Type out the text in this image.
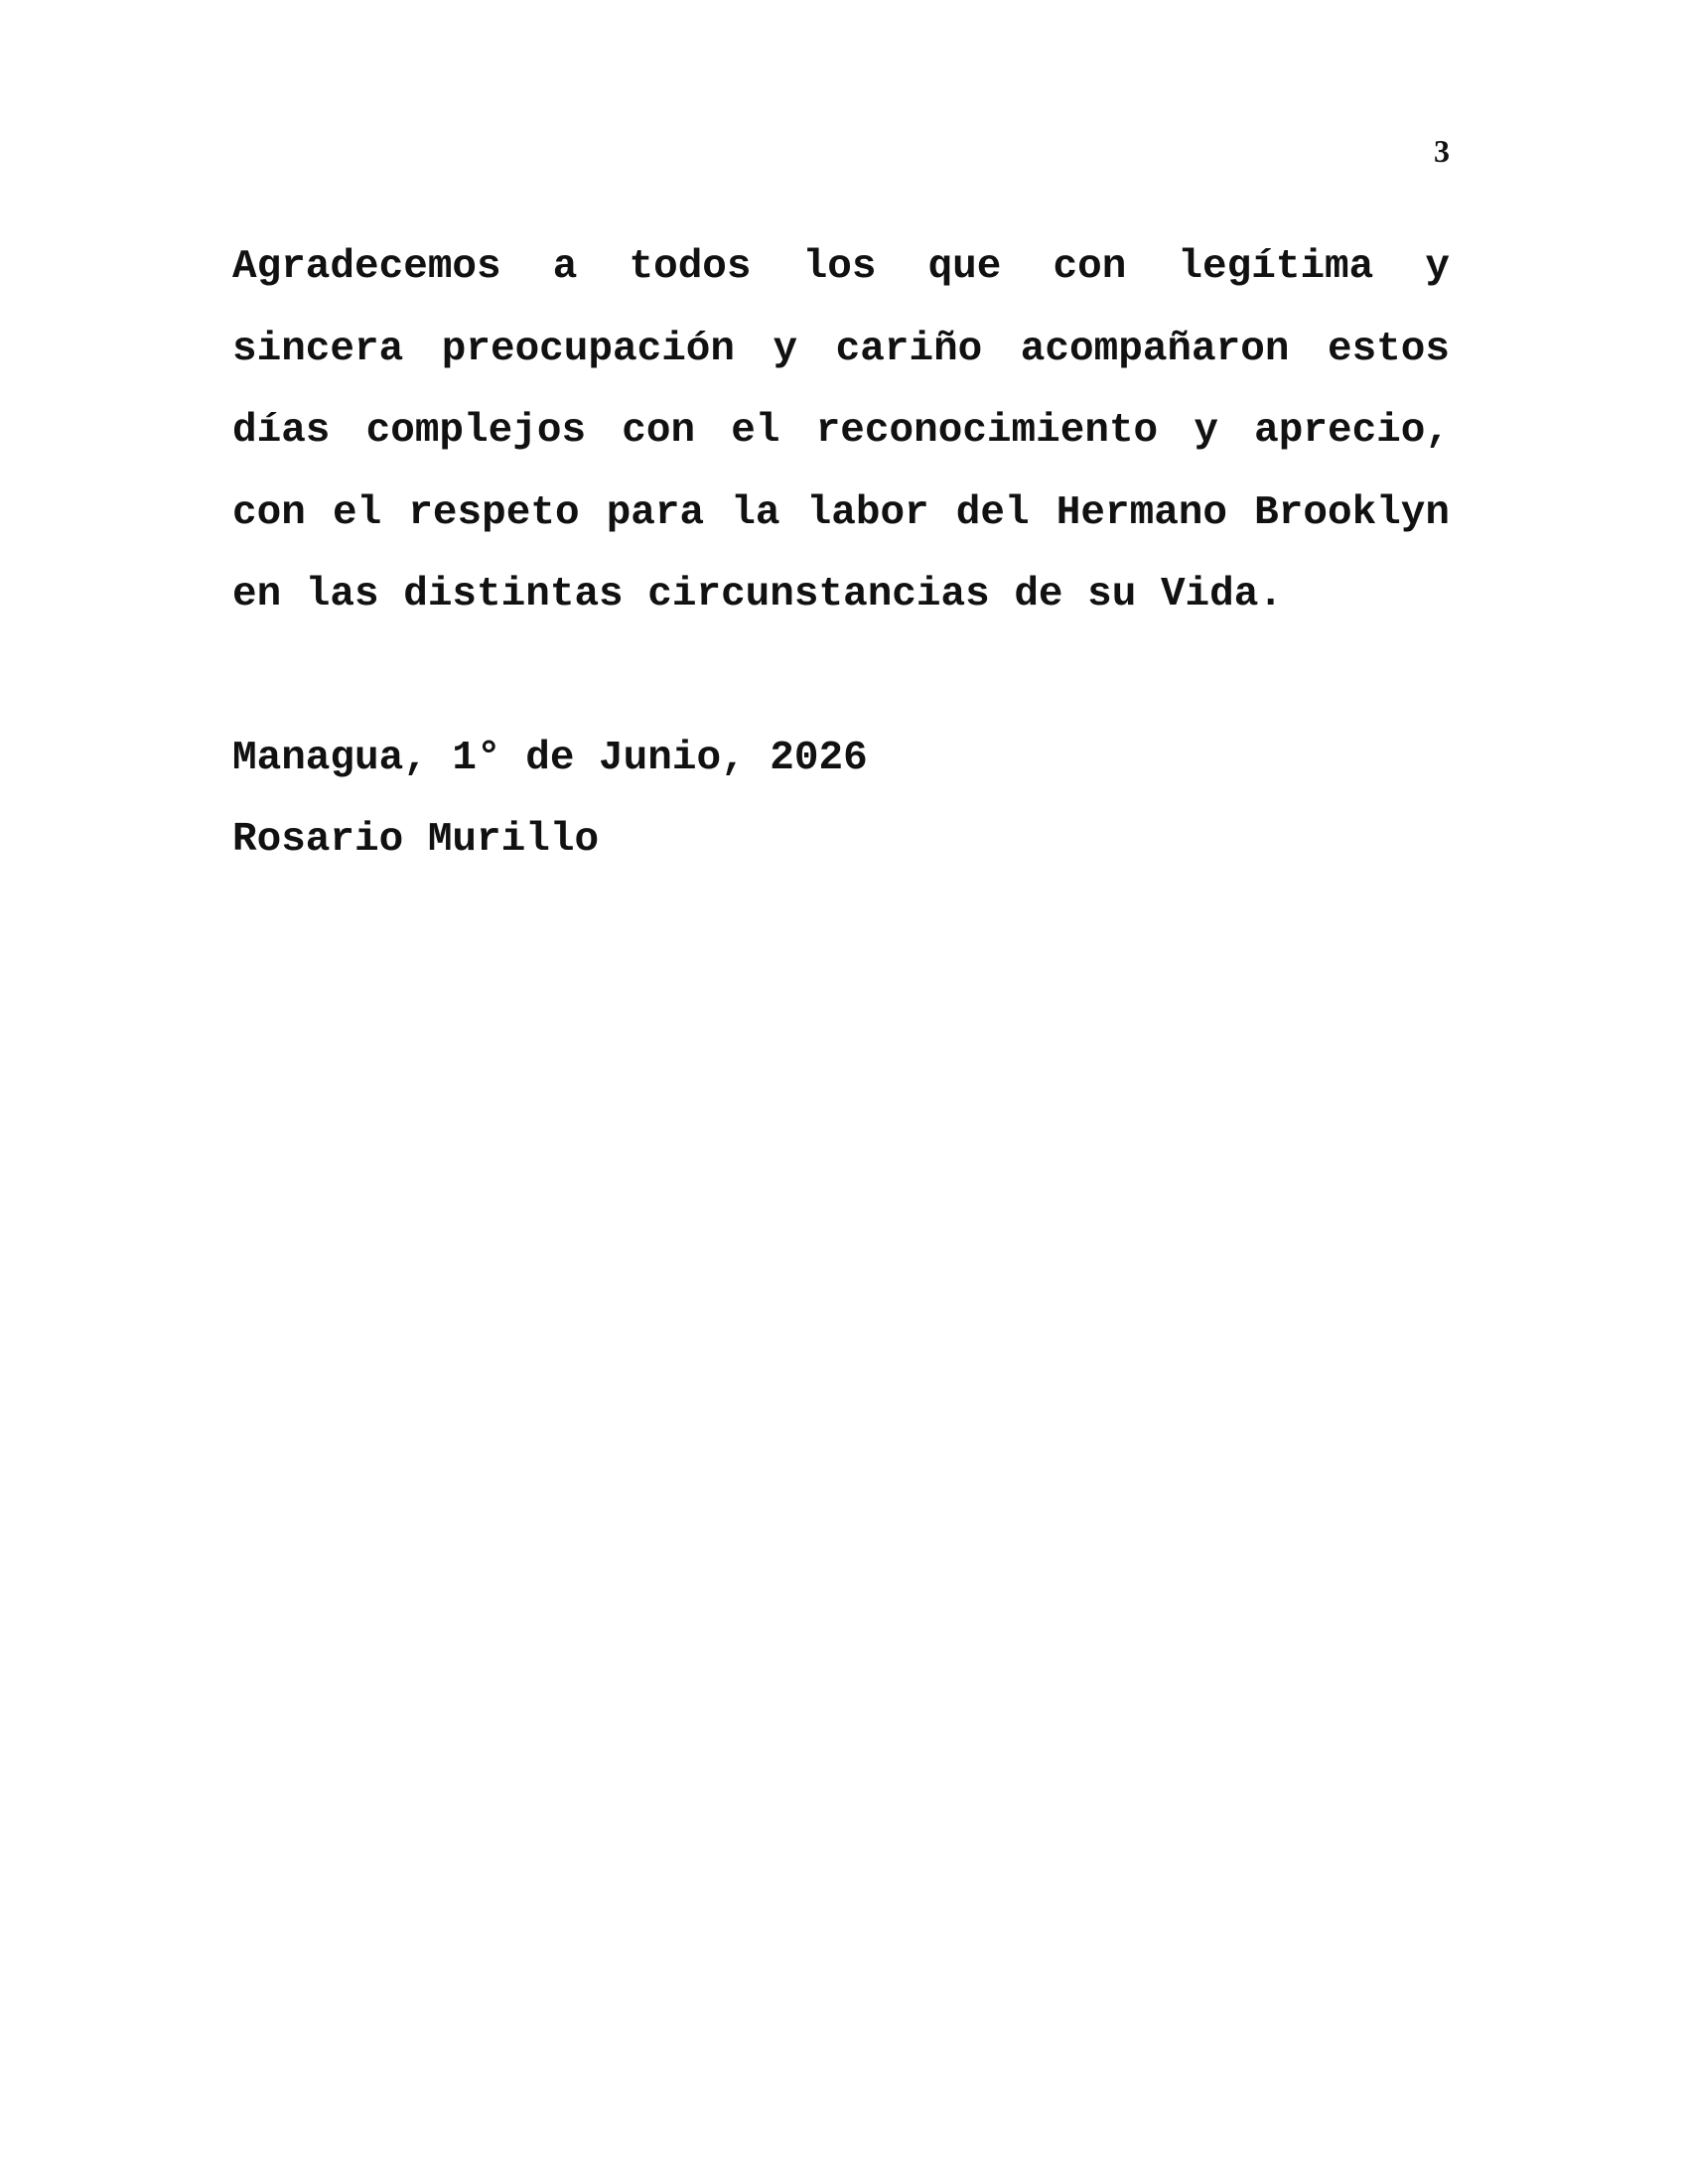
3

Agradecemos a todos los que con legítima y sincera preocupación y cariño acompañaron estos días complejos con el reconocimiento y aprecio, con el respeto para la labor del Hermano Brooklyn en las distintas circunstancias de su Vida.

Managua, 1° de Junio, 2026
Rosario Murillo
